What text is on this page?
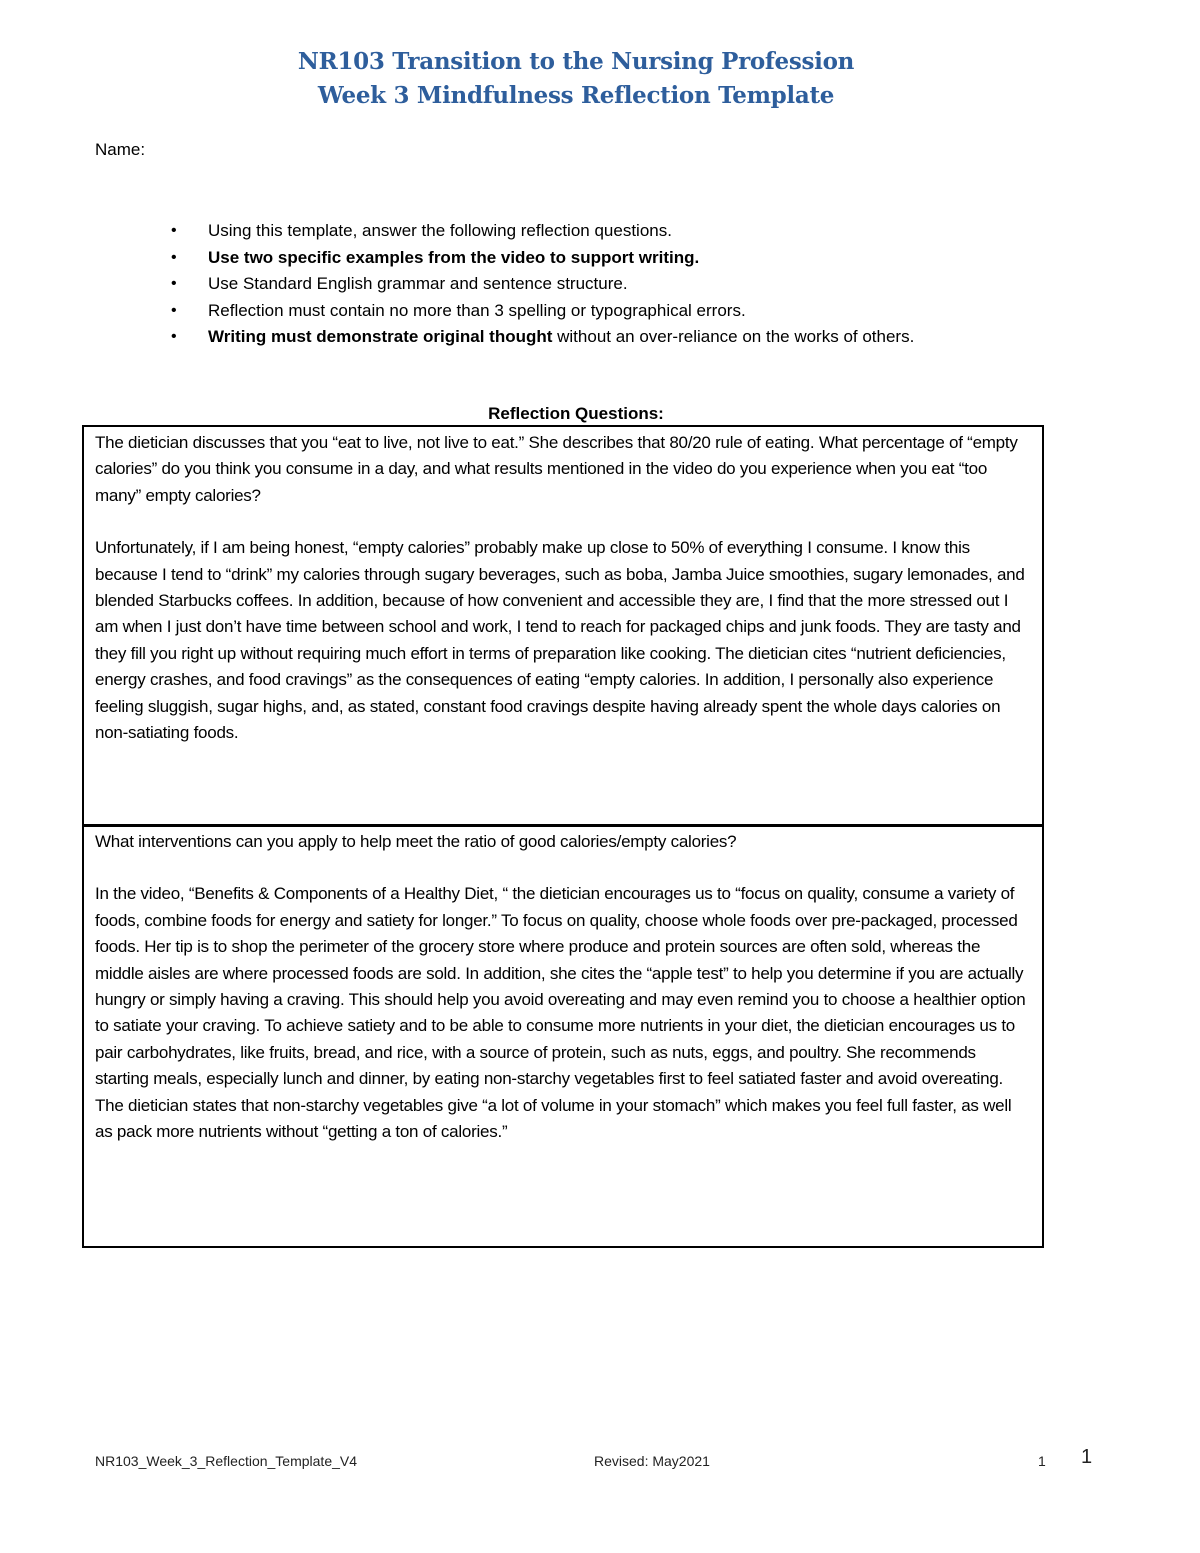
NR103 Transition to the Nursing Profession
Week 3 Mindfulness Reflection Template
Name:
• Using this template, answer the following reflection questions.
• Use two specific examples from the video to support writing.
• Use Standard English grammar and sentence structure.
• Reflection must contain no more than 3 spelling or typographical errors.
• Writing must demonstrate original thought without an over-reliance on the works of others.
Reflection Questions:

The dietician discusses that you “eat to live, not live to eat.” She describes that 80/20 rule of eating. What percentage of “empty calories” do you think you consume in a day, and what results mentioned in the video do you experience when you eat “too many” empty calories?

Unfortunately, if I am being honest, “empty calories” probably make up close to 50% of everything I consume. I know this because I tend to “drink” my calories through sugary beverages, such as boba, Jamba Juice smoothies, sugary lemonades, and blended Starbucks coffees. In addition, because of how convenient and accessible they are, I find that the more stressed out I am when I just don’t have time between school and work, I tend to reach for packaged chips and junk foods. They are tasty and they fill you right up without requiring much effort in terms of preparation like cooking. The dietician cites “nutrient deficiencies, energy crashes, and food cravings” as the consequences of eating “empty calories. In addition, I personally also experience feeling sluggish, sugar highs, and, as stated, constant food cravings despite having already spent the whole days calories on non-satiating foods.

What interventions can you apply to help meet the ratio of good calories/empty calories?

In the video, “Benefits & Components of a Healthy Diet, “ the dietician encourages us to “focus on quality, consume a variety of foods, combine foods for energy and satiety for longer.” To focus on quality, choose whole foods over pre-packaged, processed foods. Her tip is to shop the perimeter of the grocery store where produce and protein sources are often sold, whereas the middle aisles are where processed foods are sold. In addition, she cites the “apple test” to help you determine if you are actually hungry or simply having a craving. This should help you avoid overeating and may even remind you to choose a healthier option to satiate your craving. To achieve satiety and to be able to consume more nutrients in your diet, the dietician encourages us to pair carbohydrates, like fruits, bread, and rice, with a source of protein, such as nuts, eggs, and poultry. She recommends starting meals, especially lunch and dinner, by eating non-starchy vegetables first to feel satiated faster and avoid overeating. The dietician states that non-starchy vegetables give “a lot of volume in your stomach” which makes you feel full faster, as well as pack more nutrients without “getting a ton of calories.”

NR103_Week_3_Reflection_Template_V4	Revised: May2021	1 1
